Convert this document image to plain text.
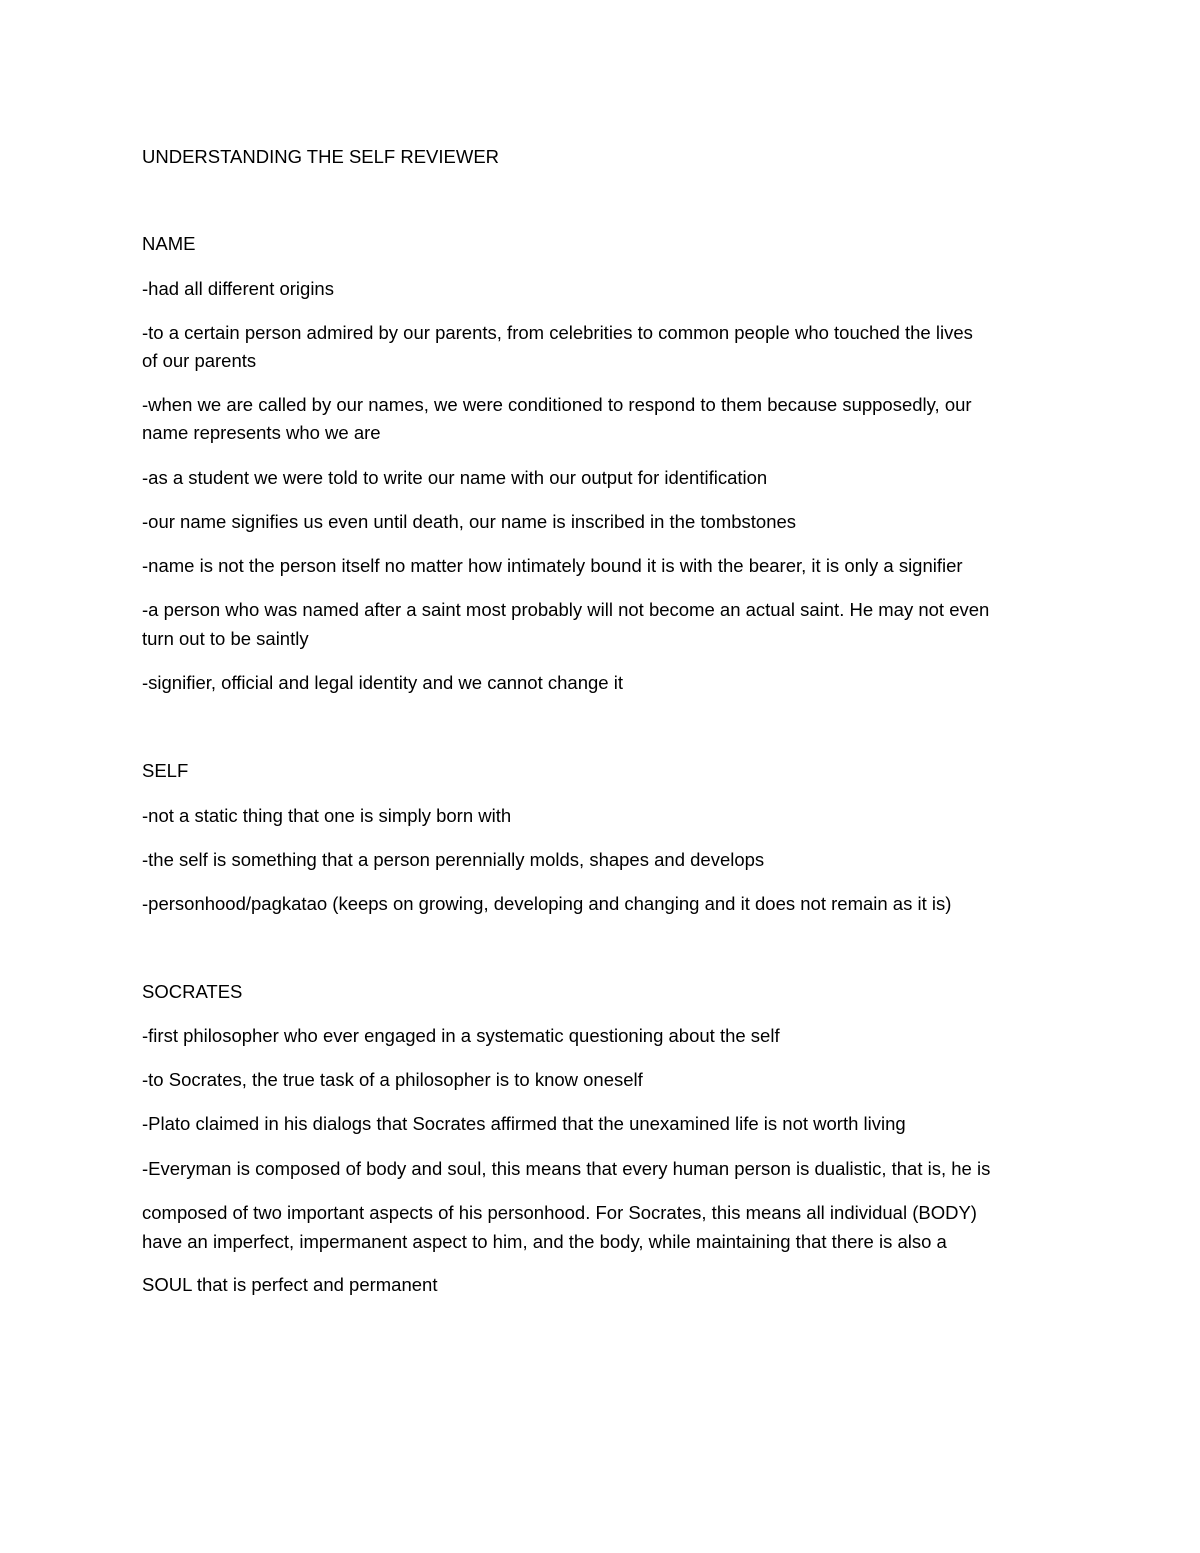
UNDERSTANDING THE SELF REVIEWER
NAME
-had all different origins
-to a certain person admired by our parents, from celebrities to common people who touched the lives
of our parents
-when we are called by our names, we were conditioned to respond to them because supposedly, our
name represents who we are
-as a student we were told to write our name with our output for identification
-our name signifies us even until death, our name is inscribed in the tombstones
-name is not the person itself no matter how intimately bound it is with the bearer, it is only a signifier
-a person who was named after a saint most probably will not become an actual saint. He may not even
turn out to be saintly
-signifier, official and legal identity and we cannot change it
SELF
-not a static thing that one is simply born with
-the self is something that a person perennially molds, shapes and develops
-personhood/pagkatao (keeps on growing, developing and changing and it does not remain as it is)
SOCRATES
-first philosopher who ever engaged in a systematic questioning about the self
-to Socrates, the true task of a philosopher is to know oneself
-Plato claimed in his dialogs that Socrates affirmed that the unexamined life is not worth living
-Everyman is composed of body and soul, this means that every human person is dualistic, that is, he is
composed of two important aspects of his personhood. For Socrates, this means all individual (BODY)
have an imperfect, impermanent aspect to him, and the body, while maintaining that there is also a
SOUL that is perfect and permanent
